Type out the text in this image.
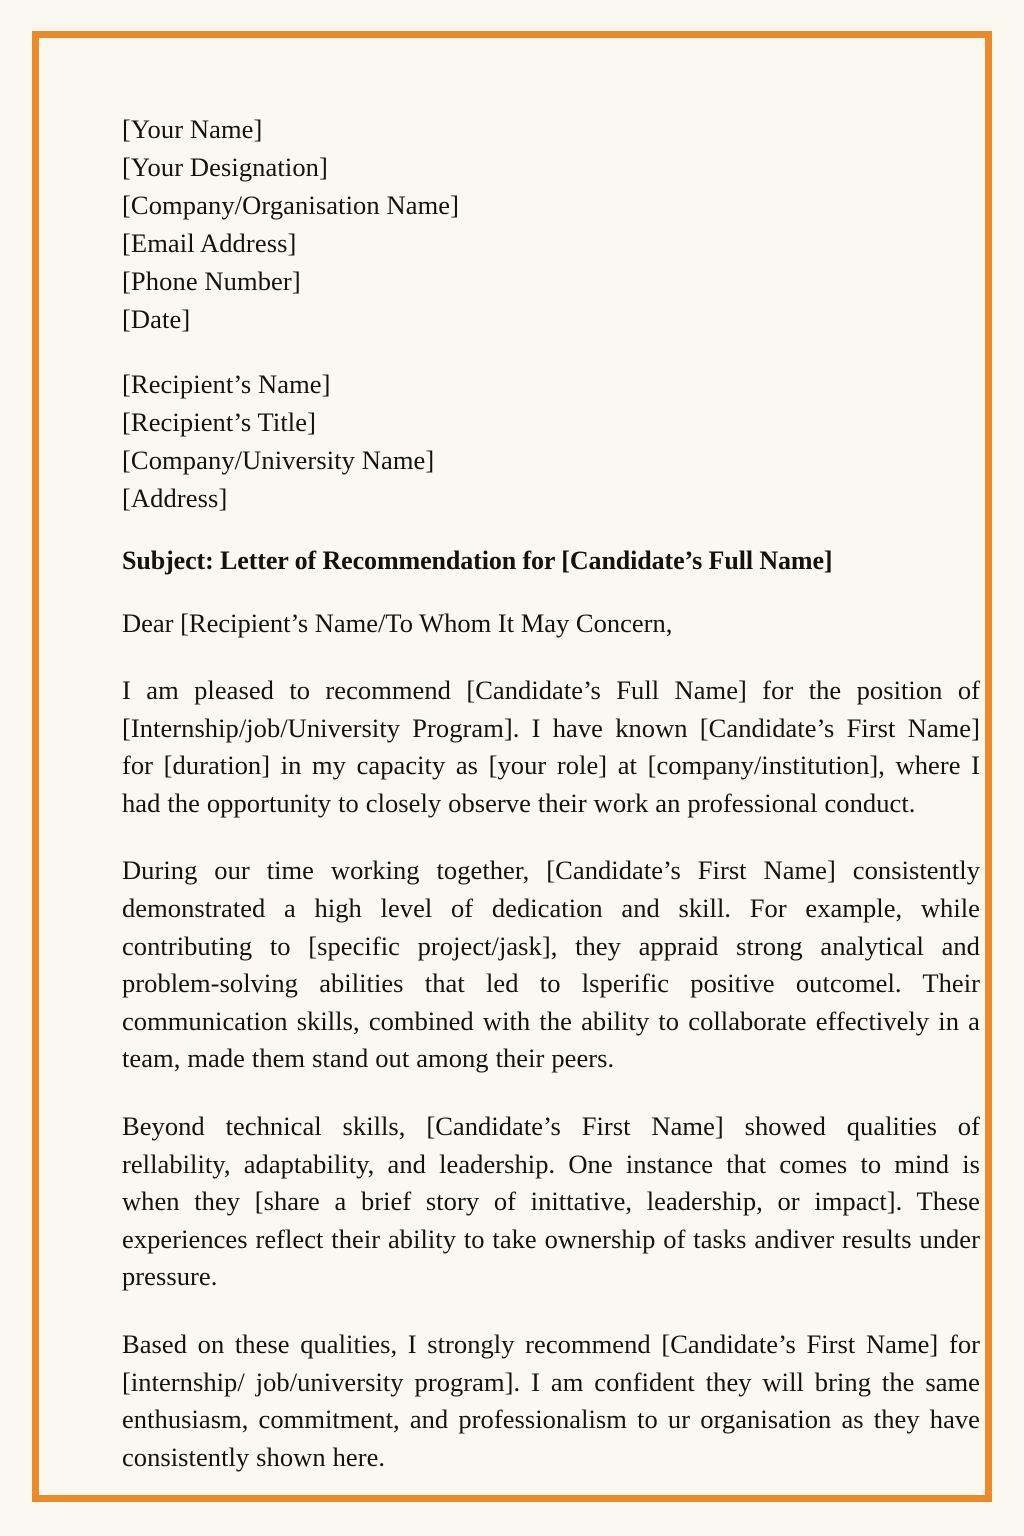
[Your Name]
[Your Designation]
[Company/Organisation Name]
[Email Address]
[Phone Number]
[Date]
[Recipient’s Name]
[Recipient’s Title]
[Company/University Name]
[Address]
Subject: Letter of Recommendation for [Candidate’s Full Name]
Dear [Recipient’s Name/To Whom It May Concern,

I am pleased to recommend [Candidate’s Full Name] for the position of [Internship/job/University Program]. I have known [Candidate’s First Name] for [duration] in my capacity as [your role] at [company/institution], where I had the opportunity to closely observe their work an professional conduct.

During our time working together, [Candidate’s First Name] consistently demonstrated a high level of dedication and skill. For example, while contributing to [specific project/jask], they appraid strong analytical and problem-solving abilities that led to lsperific positive outcomel. Their communication skills, combined with the ability to collaborate effectively in a team, made them stand out among their peers.

Beyond technical skills, [Candidate’s First Name] showed qualities of rellability, adaptability, and leadership. One instance that comes to mind is when they [share a brief story of inittative, leadership, or impact]. These experiences reflect their ability to take ownership of tasks andiver results under pressure.

Based on these qualities, I strongly recommend [Candidate’s First Name] for [internship/ job/university program]. I am confident they will bring the same enthusiasm, commitment, and professionalism to ur organisation as they have consistently shown here.
